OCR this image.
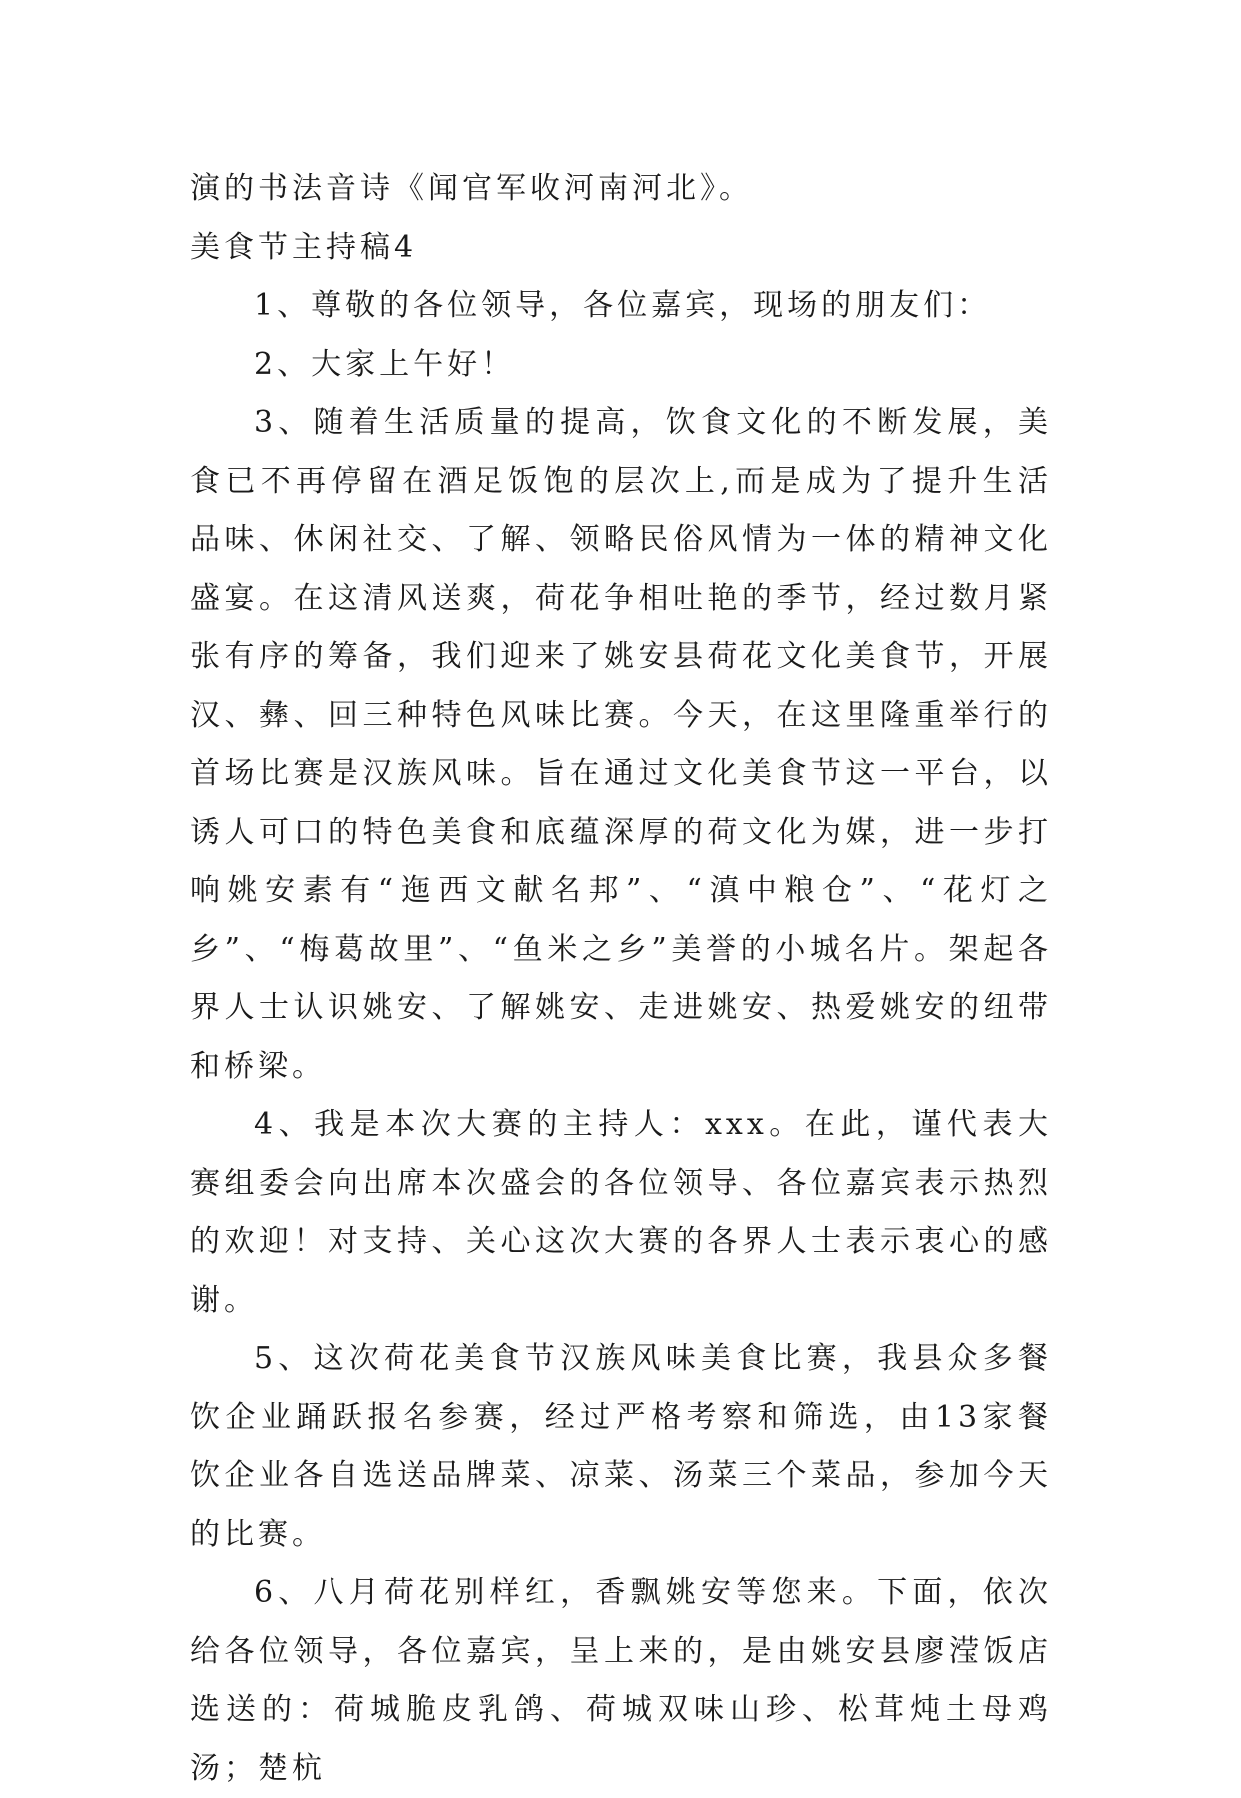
演的书法音诗《闻官军收河南河北》。

美食节主持稿4

1、尊敬的各位领导，各位嘉宾，现场的朋友们：

2、大家上午好！

3、随着生活质量的提高，饮食文化的不断发展，美食已不再停留在酒足饭饱的层次上,而是成为了提升生活品味、休闲社交、了解、领略民俗风情为一体的精神文化盛宴。在这清风送爽，荷花争相吐艳的季节，经过数月紧张有序的筹备，我们迎来了姚安县荷花文化美食节，开展汉、彝、回三种特色风味比赛。今天，在这里隆重举行的首场比赛是汉族风味。旨在通过文化美食节这一平台，以诱人可口的特色美食和底蕴深厚的荷文化为媒，进一步打响姚安素有“迤西文献名邦”、“滇中粮仓”、“花灯之乡”、“梅葛故里”、“鱼米之乡”美誉的小城名片。架起各界人士认识姚安、了解姚安、走进姚安、热爱姚安的纽带和桥梁。

4、我是本次大赛的主持人：xxx。在此，谨代表大赛组委会向出席本次盛会的各位领导、各位嘉宾表示热烈的欢迎！对支持、关心这次大赛的各界人士表示衷心的感谢。

5、这次荷花美食节汉族风味美食比赛，我县众多餐饮企业踊跃报名参赛，经过严格考察和筛选，由13家餐饮企业各自选送品牌菜、凉菜、汤菜三个菜品，参加今天的比赛。

6、八月荷花别样红，香飘姚安等您来。下面，依次给各位领导，各位嘉宾，呈上来的，是由姚安县廖滢饭店选送的：荷城脆皮乳鸽、荷城双味山珍、松茸炖土母鸡汤；楚杭
